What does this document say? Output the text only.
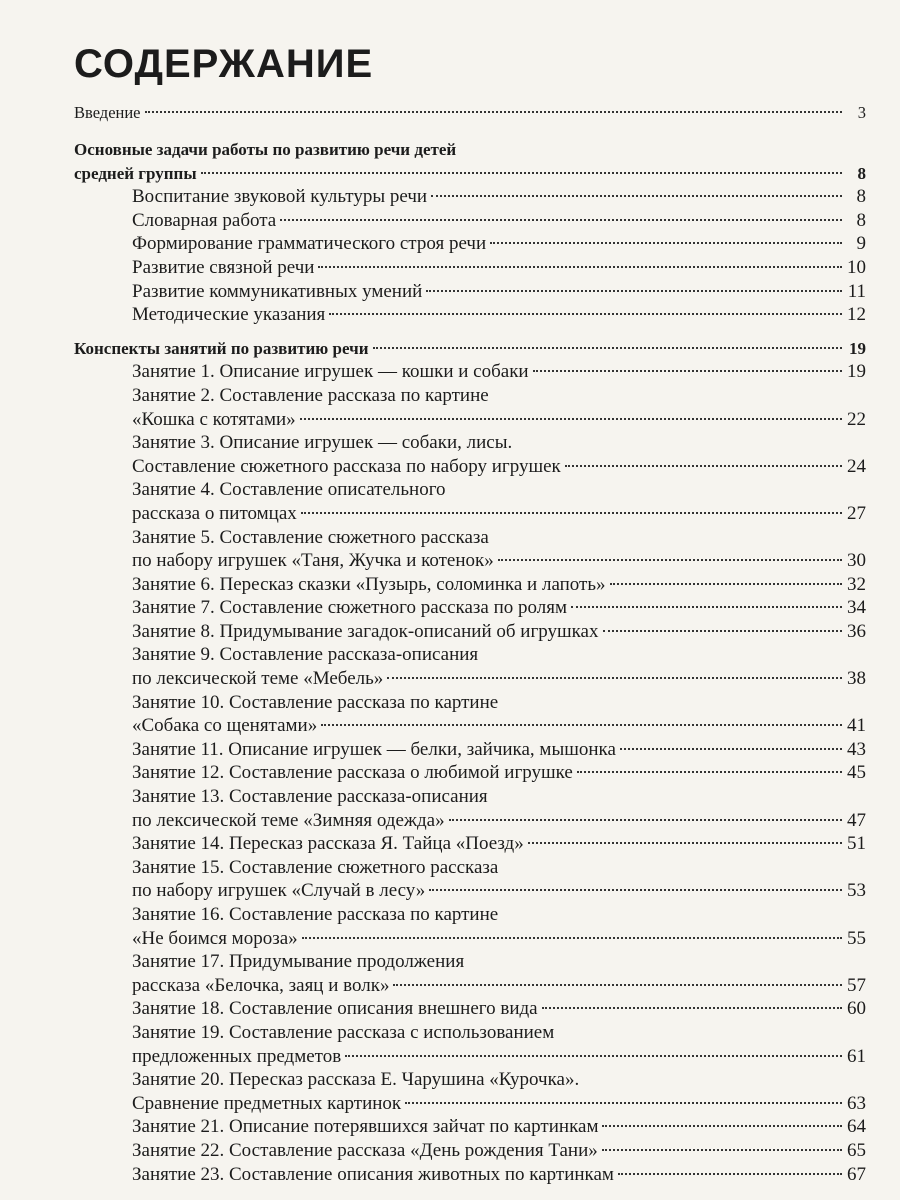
СОДЕРЖАНИЕ
Введение	3
Основные задачи работы по развитию речи детей
средней группы	8
Воспитание звуковой культуры речи	8
Словарная работа	8
Формирование грамматического строя речи	9
Развитие связной речи	10
Развитие коммуникативных умений	11
Методические указания	12
Конспекты занятий по развитию речи	19
Занятие 1. Описание игрушек — кошки и собаки	19
Занятие 2. Составление рассказа по картине
«Кошка с котятами»	22
Занятие 3. Описание игрушек — собаки, лисы.
Составление сюжетного рассказа по набору игрушек	24
Занятие 4. Составление описательного
рассказа о питомцах	27
Занятие 5. Составление сюжетного рассказа
по набору игрушек «Таня, Жучка и котенок»	30
Занятие 6. Пересказ сказки «Пузырь, соломинка и лапоть»	32
Занятие 7. Составление сюжетного рассказа по ролям	34
Занятие 8. Придумывание загадок-описаний об игрушках	36
Занятие 9. Составление рассказа-описания
по лексической теме «Мебель»	38
Занятие 10. Составление рассказа по картине
«Собака со щенятами»	41
Занятие 11. Описание игрушек — белки, зайчика, мышонка	43
Занятие 12. Составление рассказа о любимой игрушке	45
Занятие 13. Составление рассказа-описания
по лексической теме «Зимняя одежда»	47
Занятие 14. Пересказ рассказа Я. Тайца «Поезд»	51
Занятие 15. Составление сюжетного рассказа
по набору игрушек «Случай в лесу»	53
Занятие 16. Составление рассказа по картине
«Не боимся мороза»	55
Занятие 17. Придумывание продолжения
рассказа «Белочка, заяц и волк»	57
Занятие 18. Составление описания внешнего вида	60
Занятие 19. Составление рассказа с использованием
предложенных предметов	61
Занятие 20. Пересказ рассказа Е. Чарушина «Курочка».
Сравнение предметных картинок	63
Занятие 21. Описание потерявшихся зайчат по картинкам	64
Занятие 22. Составление рассказа «День рождения Тани»	65
Занятие 23. Составление описания животных по картинкам	67
